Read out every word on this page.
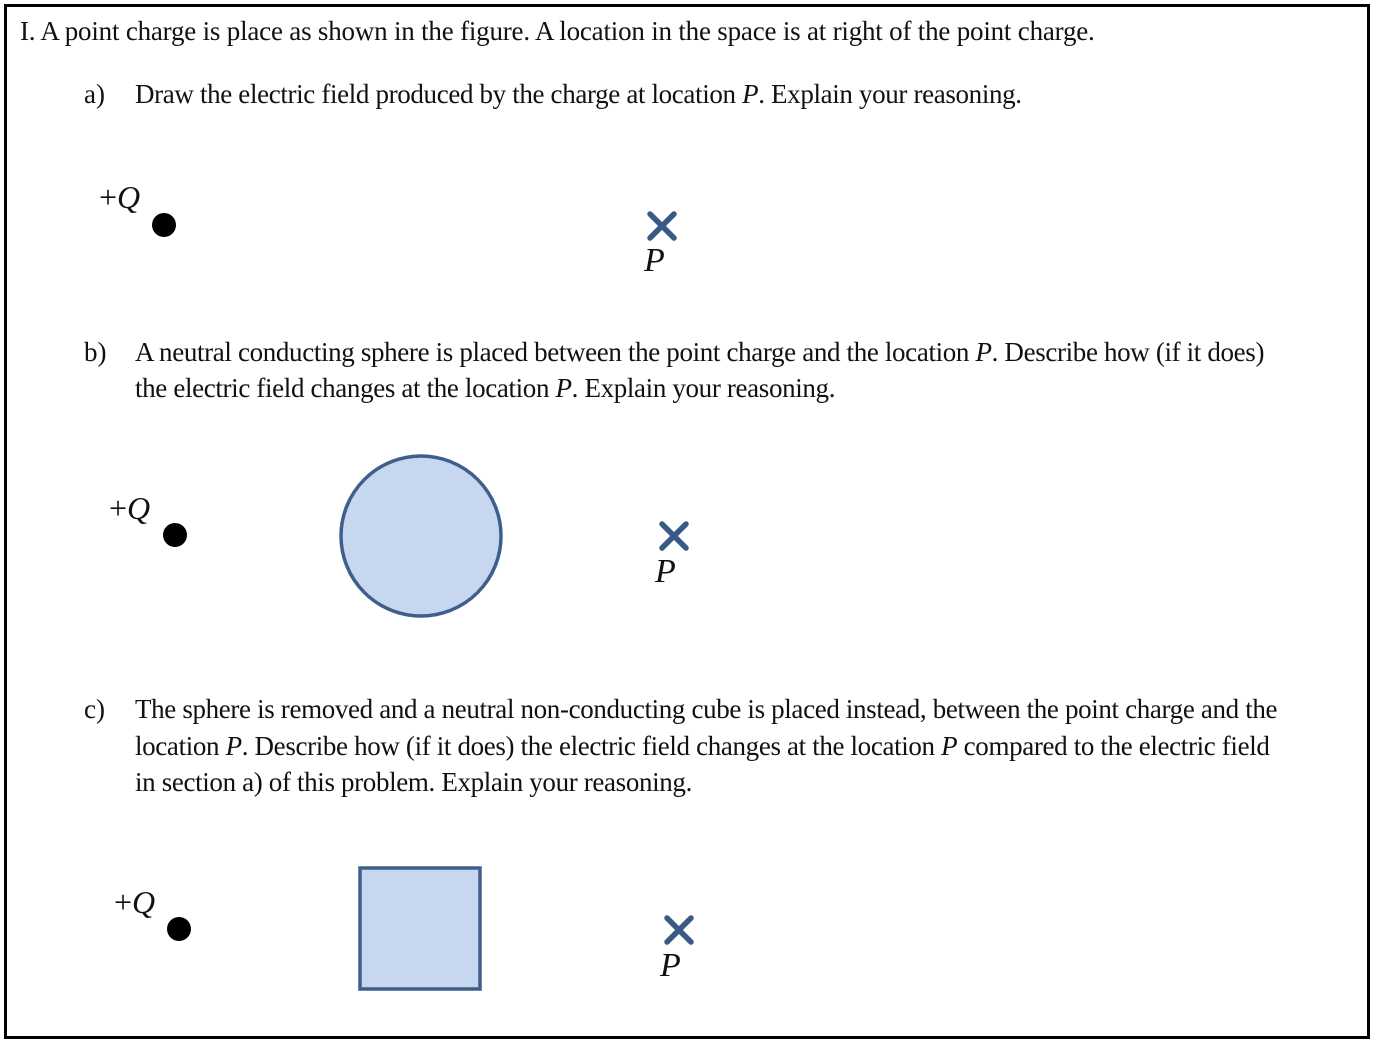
I. A point charge is place as shown in the figure. A location in the space is at right of the point charge.
a) Draw the electric field produced by the charge at location P. Explain your reasoning.
+Q
P
b) A neutral conducting sphere is placed between the point charge and the location P. Describe how (if it does)
the electric field changes at the location P. Explain your reasoning.
+Q
P
c) The sphere is removed and a neutral non-conducting cube is placed instead, between the point charge and the
location P. Describe how (if it does) the electric field changes at the location P compared to the electric field
in section a) of this problem. Explain your reasoning.
+Q
P
